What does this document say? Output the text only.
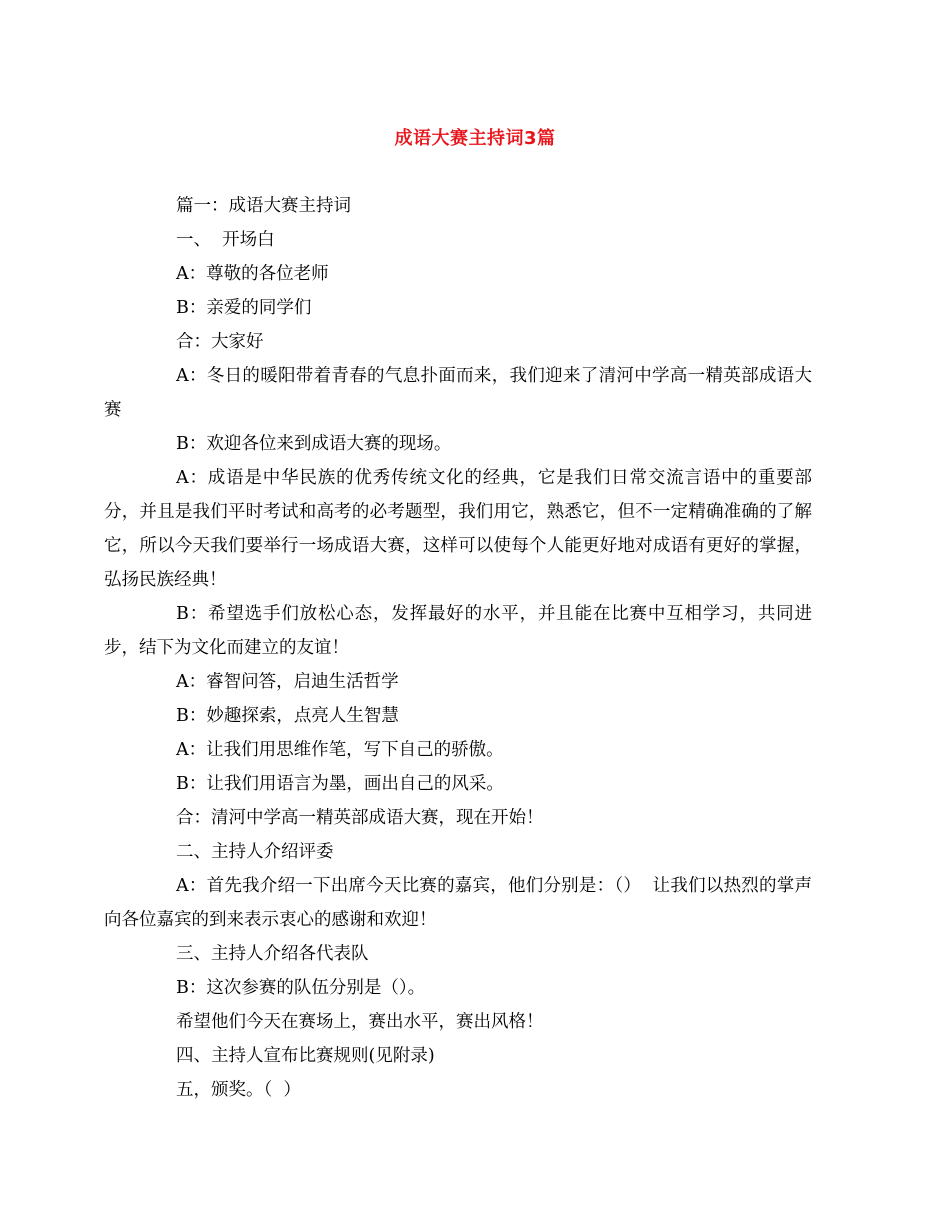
成语大赛主持词3篇

篇一：成语大赛主持词

一、  开场白

A：尊敬的各位老师

B：亲爱的同学们

合：大家好

A：冬日的暖阳带着青春的气息扑面而来，我们迎来了清河中学高一精英部成语大赛

B：欢迎各位来到成语大赛的现场。

A：成语是中华民族的优秀传统文化的经典，它是我们日常交流言语中的重要部分，并且是我们平时考试和高考的必考题型，我们用它，熟悉它，但不一定精确准确的了解它，所以今天我们要举行一场成语大赛，这样可以使每个人能更好地对成语有更好的掌握，弘扬民族经典！

B：希望选手们放松心态，发挥最好的水平，并且能在比赛中互相学习，共同进步，结下为文化而建立的友谊！

A：睿智问答，启迪生活哲学

B：妙趣探索，点亮人生智慧

A：让我们用思维作笔，写下自己的骄傲。

B：让我们用语言为墨，画出自己的风采。

合：清河中学高一精英部成语大赛，现在开始！

二、主持人介绍评委

A：首先我介绍一下出席今天比赛的嘉宾，他们分别是：（）  让我们以热烈的掌声向各位嘉宾的到来表示衷心的感谢和欢迎！

三、主持人介绍各代表队

B：这次参赛的队伍分别是（）。

希望他们今天在赛场上，赛出水平，赛出风格！

四、主持人宣布比赛规则(见附录)

五，颁奖。（  ）
